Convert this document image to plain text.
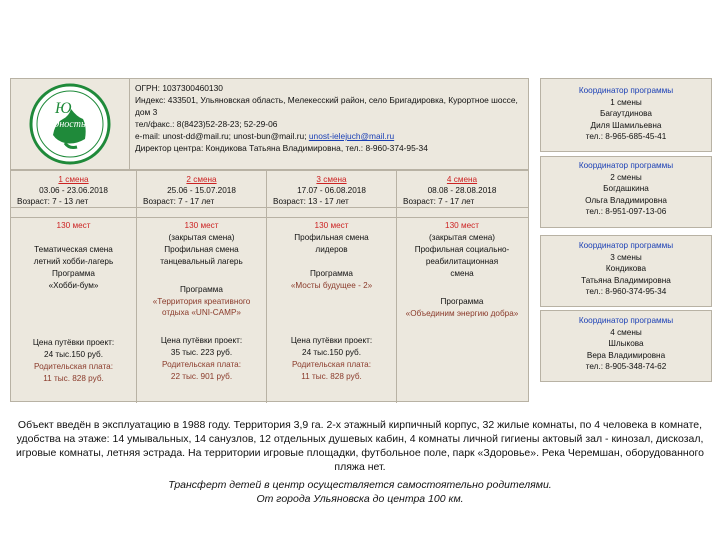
Ю
Юность
ОГРН: 1037300460130
Индекс: 433501, Ульяновская область, Мелекесский район, село Бригадировка, Курортное шоссе, дом 3
тел/факс.: 8(8423)52-28-23; 52-29-06
e-mail: unost-dd@mail.ru; unost-bun@mail.ru; unost-ielejuch@mail.ru
Директор центра: Кондикова Татьяна Владимировна, тел.: 8-960-374-95-34
1 смена
03.06 - 23.06.2018
Возраст: 7 - 13 лет
130 мест
Тематическая смена
летний хобби-лагерь
Программа
«Хобби-бум»
Цена путёвки проект:
24 тыс.150 руб.
Родительская плата:
11 тыс. 828 руб.
2 смена
25.06 - 15.07.2018
Возраст: 7 - 17 лет
130 мест
(закрытая смена)
Профильная смена
танцевальный лагерь
Программа
«Территория креативного отдыха «UNI-CAMP»
Цена путёвки проект:
35 тыс. 223 руб.
Родительская плата:
22 тыс. 901 руб.
3 смена
17.07 - 06.08.2018
Возраст: 13 - 17 лет
130 мест
Профильная смена
лидеров
Программа
«Мосты будущее - 2»
Цена путёвки проект:
24 тыс.150 руб.
Родительская плата:
11 тыс. 828 руб.
4 смена
08.08 - 28.08.2018
Возраст: 7 - 17 лет
130 мест
(закрытая смена)
Профильная социально-
реабилитационная
смена
Программа
«Объединим энергию добра»
Координатор программы
1 смены
Багаутдинова
Диля Шамильевна
тел.: 8-965-685-45-41
Координатор программы
2 смены
Богдашкина
Ольга Владимировна
тел.: 8-951-097-13-06
Координатор программы
3 смены
Кондикова
Татьяна Владимировна
тел.: 8-960-374-95-34
Координатор программы
4 смены
Шлыкова
Вера Владимировна
тел.: 8-905-348-74-62
Объект введён в эксплуатацию в 1988 году. Территория 3,9 га. 2-х этажный кирпичный корпус, 32 жилые комнаты, по 4 человека в комнате, удобства на этаже: 14 умывальных, 14 санузлов, 12 отдельных душевых кабин, 4 комнаты личной гигиены актовый зал - кинозал, дискозал, игровые комнаты, летняя эстрада. На территории игровые площадки, футбольное поле, парк «Здоровье». Река Черемшан, оборудованного пляжа нет.
Трансферт детей в центр осуществляется самостоятельно родителями.
От города Ульяновска до центра 100 км.
